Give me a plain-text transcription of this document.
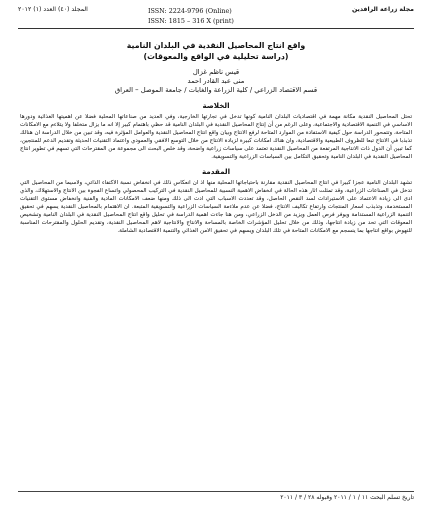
مجلة زراعة الرافدين
ISSN: 2224-9796 (Online)
ISSN: 1815 – 316 X (print)
المجلد (٤٠) العدد (١) ٢٠١٢
واقع انتاج المحاصيل النقدية في البلدان النامية
(دراسة تحليلية في الواقع والمعوقات)
قيس ناظم غزال
منى عبد القادر احمد
قسم الاقتصاد الزراعي / كلية الزراعة والغابات / جامعة الموصل – العراق
الخلاصة
تحتل المحاصيل النقدية مكانة مهمة في اقتصاديات البلدان النامية كونها تدخل في تجارتها الخارجية، وفي العديد من صناعاتها المحلية فضلا عن اهميتها الغذائية ودورها الاساسي في التنمية الاقتصادية والاجتماعية، وعلى الرغم من أن إنتاج المحاصيل النقدية في البلدان النامية قد حظي باهتمام كبير إلا انه ما يزال متخلفا ولا يتلاءم مع الامكانات المتاحة، وتتمحور الدراسة حول كيفية الاستفادة من الموارد المتاحة لرفع الانتاج وبيان واقع انتاج المحاصيل النقدية والعوامل المؤثرة فيه، وقد تبين من خلال الدراسة ان هنالك تذبذبا في الانتاج تبعا للظروف الطبيعية والاقتصادية، وان هناك امكانات كبيرة لزيادة الانتاج من خلال التوسع الافقي والعمودي واعتماد التقنيات الحديثة وتقديم الدعم للمنتجين، كما تبين أن الدول ذات الانتاجية المرتفعة من المحاصيل النقدية تعتمد على سياسات زراعية واضحة، وقد خلص البحث الى مجموعة من المقترحات التي تسهم في تطوير انتاج المحاصيل النقدية في البلدان النامية وتحقيق التكامل بين السياسات الزراعية والتسويقية.
المقدمة
تشهد البلدان النامية عجزا كبيرا في انتاج المحاصيل النقدية مقارنة باحتياجاتها المحلية منها اذ ان انعكاس ذلك في انخفاض نسبة الاكتفاء الذاتي، ولاسيما من المحاصيل التي تدخل في الصناعات الزراعية، وقد تمثلت اثار هذه الحالة في انخفاض الاهمية النسبية للمحاصيل النقدية في التركيب المحصولي واتساع الفجوة بين الانتاج والاستهلاك، والذي ادى الى زيادة الاعتماد على الاستيرادات لسد النقص الحاصل، وقد تعددت الاسباب التي ادت الى ذلك ومنها ضعف الامكانات المادية والفنية وانخفاض مستوى التقنيات المستخدمة، وتذبذب اسعار المنتجات وارتفاع تكاليف الانتاج، فضلا عن عدم ملاءمة السياسات الزراعية والتسويقية المتبعة. ان الاهتمام بالمحاصيل النقدية يسهم في تحقيق التنمية الزراعية المستدامة ويوفر فرص العمل ويزيد من الدخل الزراعي، ومن هنا جاءت اهمية الدراسة في تحليل واقع انتاج المحاصيل النقدية في البلدان النامية وتشخيص المعوقات التي تحد من زيادة انتاجها، وذلك من خلال تحليل المؤشرات الخاصة بالمساحة والانتاج والانتاجية لاهم المحاصيل النقدية، وتقديم الحلول والمقترحات المناسبة للنهوض بواقع انتاجها بما ينسجم مع الامكانات المتاحة في تلك البلدان ويسهم في تحقيق الامن الغذائي والتنمية الاقتصادية الشاملة.
تاريخ تسلم البحث ١١ / ١ / ٢٠١١ وقبوله ٢٨ / ٣ / ٢٠١١
